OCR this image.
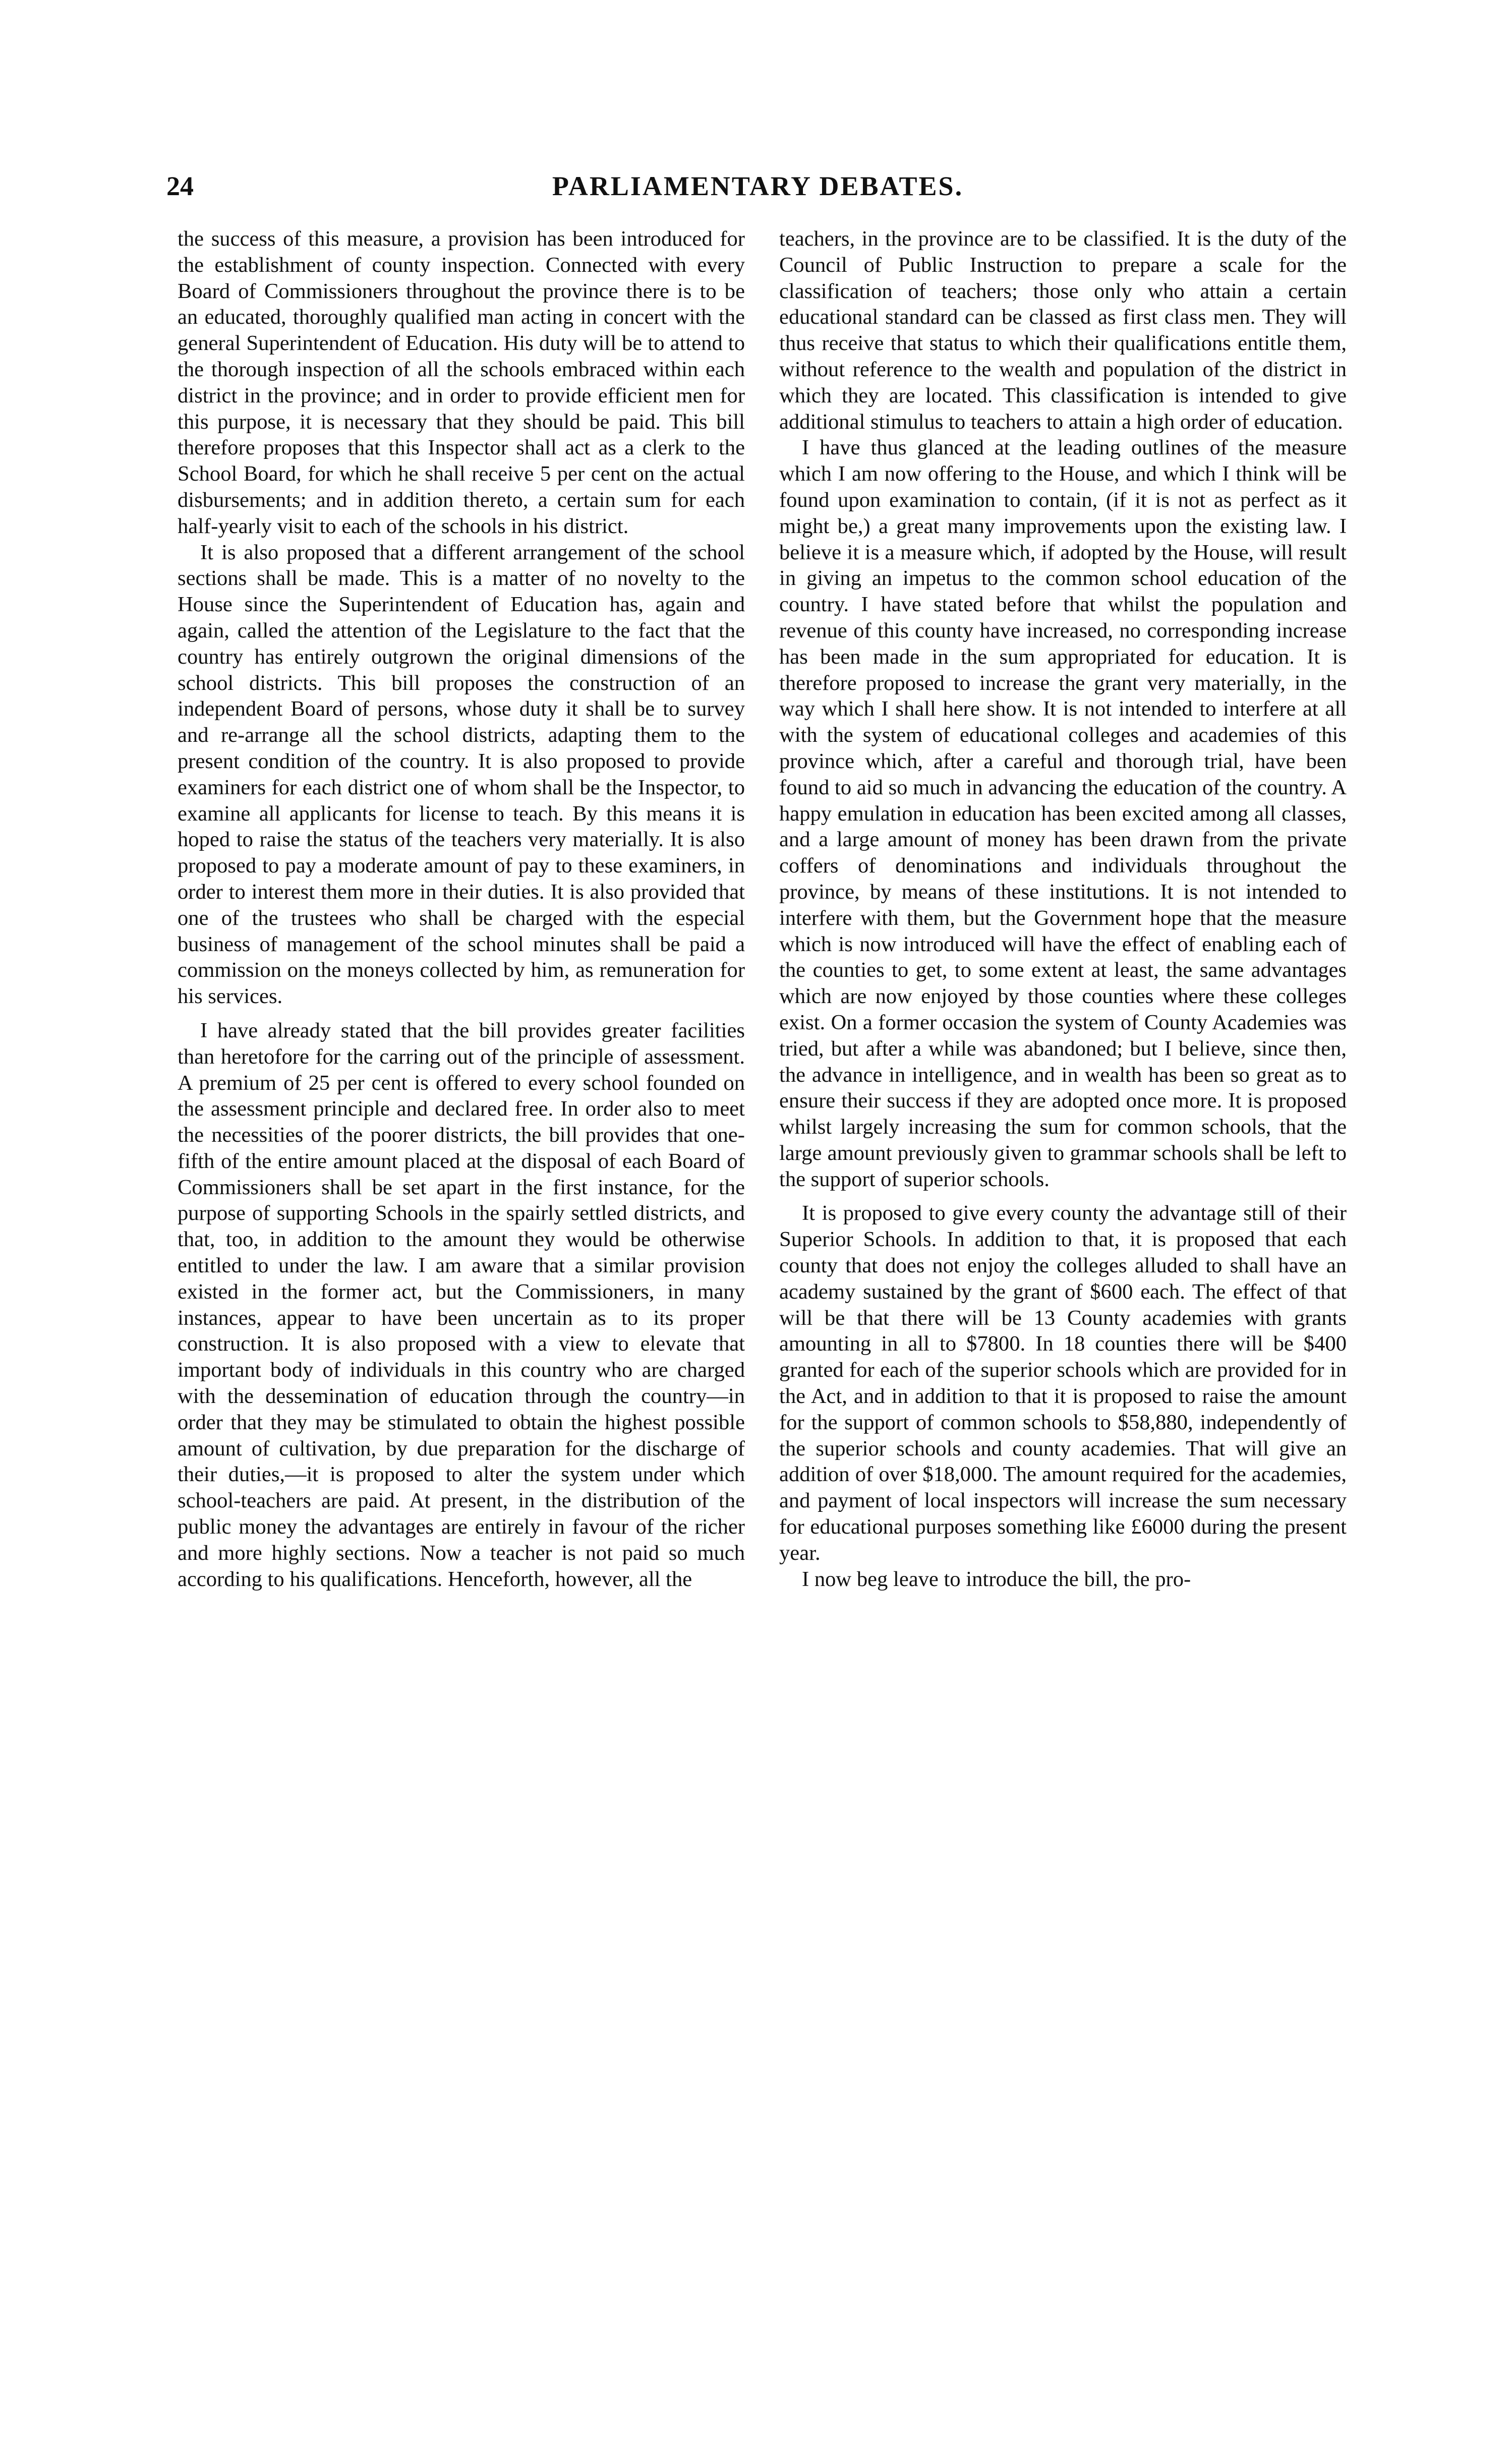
24	PARLIAMENTARY DEBATES.

the success of this measure, a provision has been introduced for the establishment of county inspection. Connected with every Board of Commissioners throughout the province there is to be an educated, thoroughly qualified man acting in concert with the general Superintendent of Education. His duty will be to attend to the thorough inspection of all the schools embraced within each district in the province; and in order to provide efficient men for this purpose, it is necessary that they should be paid. This bill therefore proposes that this Inspector shall act as a clerk to the School Board, for which he shall receive 5 per cent on the actual disbursements; and in addition thereto, a certain sum for each half-yearly visit to each of the schools in his district.

It is also proposed that a different arrangement of the school sections shall be made. This is a matter of no novelty to the House since the Superintendent of Education has, again and again, called the attention of the Legislature to the fact that the country has entirely outgrown the original dimensions of the school districts. This bill proposes the construction of an independent Board of persons, whose duty it shall be to survey and re-arrange all the school districts, adapting them to the present condition of the country. It is also proposed to provide examiners for each district one of whom shall be the Inspector, to examine all applicants for license to teach. By this means it is hoped to raise the status of the teachers very materially. It is also proposed to pay a moderate amount of pay to these examiners, in order to interest them more in their duties. It is also provided that one of the trustees who shall be charged with the especial business of management of the school minutes shall be paid a commission on the moneys collected by him, as remuneration for his services.

I have already stated that the bill provides greater facilities than heretofore for the carring out of the principle of assessment. A premium of 25 per cent is offered to every school founded on the assessment principle and declared free. In order also to meet the necessities of the poorer districts, the bill provides that one-fifth of the entire amount placed at the disposal of each Board of Commissioners shall be set apart in the first instance, for the purpose of supporting Schools in the spairly settled districts, and that, too, in addition to the amount they would be otherwise entitled to under the law. I am aware that a similar provision existed in the former act, but the Commissioners, in many instances, appear to have been uncertain as to its proper construction. It is also proposed with a view to elevate that important body of individuals in this country who are charged with the dessemination of education through the country—in order that they may be stimulated to obtain the highest possible amount of cultivation, by due preparation for the discharge of their duties,—it is proposed to alter the system under which school-teachers are paid. At present, in the distribution of the public money the advantages are entirely in favour of the richer and more highly sections. Now a teacher is not paid so much according to his qualifications. Henceforth, however, all the

teachers, in the province are to be classified. It is the duty of the Council of Public Instruction to prepare a scale for the classification of teachers; those only who attain a certain educational standard can be classed as first class men. They will thus receive that status to which their qualifications entitle them, without reference to the wealth and population of the district in which they are located. This classification is intended to give additional stimulus to teachers to attain a high order of education.

I have thus glanced at the leading outlines of the measure which I am now offering to the House, and which I think will be found upon examination to contain, (if it is not as perfect as it might be,) a great many improvements upon the existing law. I believe it is a measure which, if adopted by the House, will result in giving an impetus to the common school education of the country. I have stated before that whilst the population and revenue of this county have increased, no corresponding increase has been made in the sum appropriated for education. It is therefore proposed to increase the grant very materially, in the way which I shall here show. It is not intended to interfere at all with the system of educational colleges and academies of this province which, after a careful and thorough trial, have been found to aid so much in advancing the education of the country. A happy emulation in education has been excited among all classes, and a large amount of money has been drawn from the private coffers of denominations and individuals throughout the province, by means of these institutions. It is not intended to interfere with them, but the Government hope that the measure which is now introduced will have the effect of enabling each of the counties to get, to some extent at least, the same advantages which are now enjoyed by those counties where these colleges exist. On a former occasion the system of County Academies was tried, but after a while was abandoned; but I believe, since then, the advance in intelligence, and in wealth has been so great as to ensure their success if they are adopted once more. It is proposed whilst largely increasing the sum for common schools, that the large amount previously given to grammar schools shall be left to the support of superior schools.

It is proposed to give every county the advantage still of their Superior Schools. In addition to that, it is proposed that each county that does not enjoy the colleges alluded to shall have an academy sustained by the grant of $600 each. The effect of that will be that there will be 13 County academies with grants amounting in all to $7800. In 18 counties there will be $400 granted for each of the superior schools which are provided for in the Act, and in addition to that it is proposed to raise the amount for the support of common schools to $58,880, independently of the superior schools and county academies. That will give an addition of over $18,000. The amount required for the academies, and payment of local inspectors will increase the sum necessary for educational purposes something like £6000 during the present year.

I now beg leave to introduce the bill, the pro-
